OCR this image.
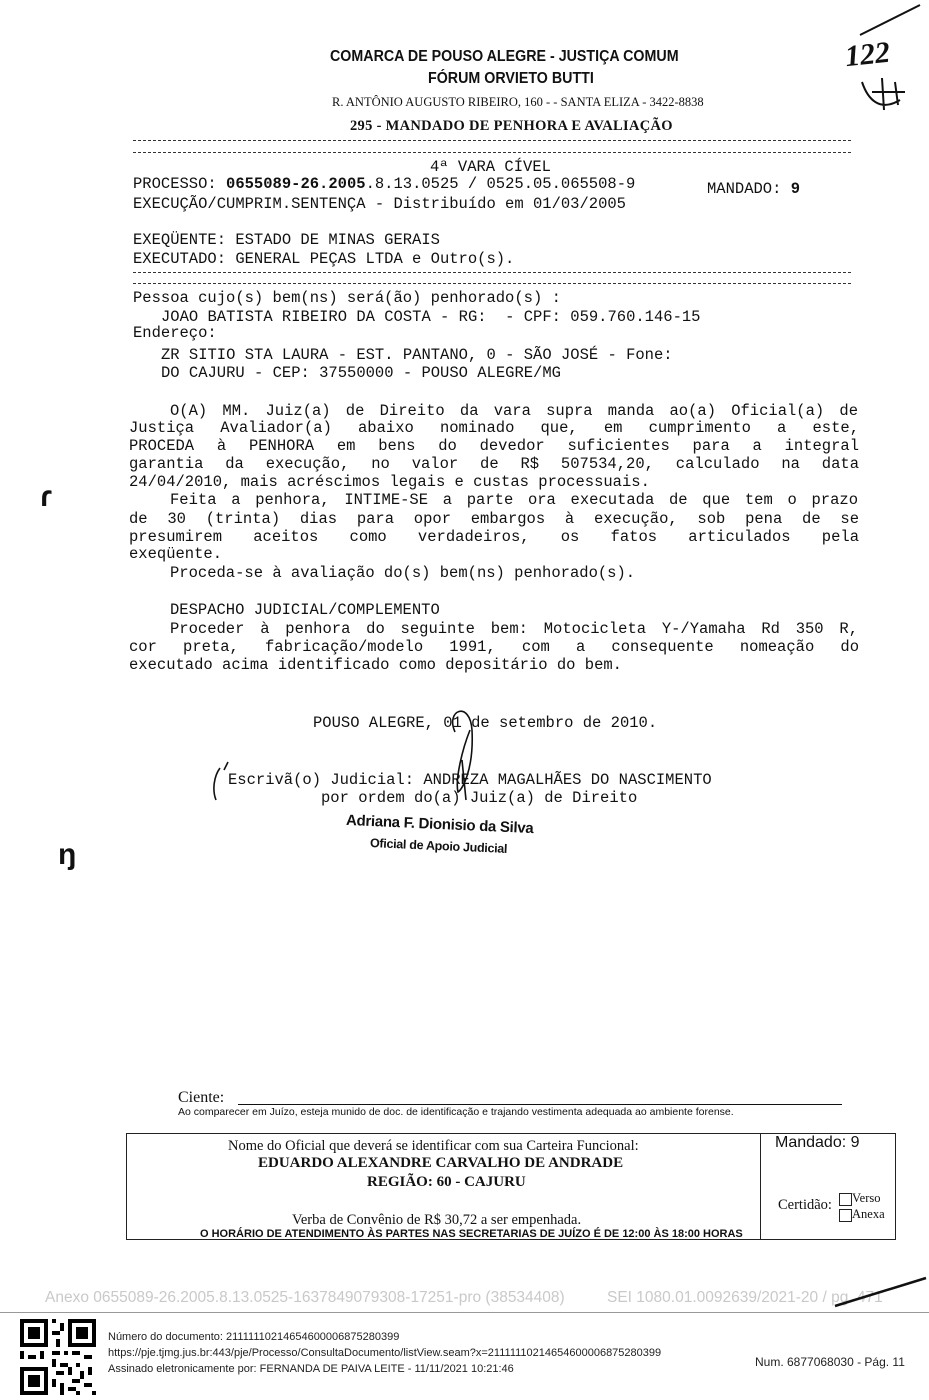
COMARCA DE POUSO ALEGRE - JUSTIÇA COMUM
FÓRUM ORVIETO BUTTI
R. ANTÔNIO AUGUSTO RIBEIRO, 160 - - SANTA ELIZA - 3422-8838
295 - MANDADO DE PENHORA E AVALIAÇÃO
122
4ª VARA CÍVEL
PROCESSO: 0655089-26.2005.8.13.0525 / 0525.05.065508-9	MANDADO: 9
EXECUÇÃO/CUMPRIM.SENTENÇA - Distribuído em 01/03/2005
EXEQÜENTE: ESTADO DE MINAS GERAIS
EXECUTADO: GENERAL PEÇAS LTDA e Outro(s).
Pessoa cujo(s) bem(ns) será(ão) penhorado(s) :
JOAO BATISTA RIBEIRO DA COSTA - RG:  - CPF: 059.760.146-15
Endereço:
ZR SITIO STA LAURA - EST. PANTANO, 0 - SÃO JOSÉ - Fone:
DO CAJURU - CEP: 37550000 - POUSO ALEGRE/MG
O(A) MM. Juiz(a) de Direito da vara supra manda ao(a) Oficial(a) de
Justiça Avaliador(a) abaixo nominado que, em cumprimento a este,
PROCEDA à PENHORA em bens do devedor suficientes para a integral
garantia da execução, no valor de R$ 507534,20, calculado na data
24/04/2010, mais acréscimos legais e custas processuais.
Feita a penhora, INTIME-SE a parte ora executada de que tem o prazo
de 30 (trinta) dias para opor embargos à execução, sob pena de se
presumirem aceitos como verdadeiros, os fatos articulados pela
exeqüente.
Proceda-se à avaliação do(s) bem(ns) penhorado(s).
DESPACHO JUDICIAL/COMPLEMENTO
Proceder à penhora do seguinte bem: Motocicleta Y-/Yamaha Rd 350 R,
cor preta, fabricação/modelo 1991, com a consequente nomeação do
executado acima identificado como depositário do bem.
POUSO ALEGRE, 01 de setembro de 2010.
Escrivã(o) Judicial: ANDREZA MAGALHÃES DO NASCIMENTO
por ordem do(a) Juiz(a) de Direito
Adriana F. Dionisio da Silva
Oficial de Apoio Judicial
ɾ
ŋ
Ciente:
Ao comparecer em Juízo, esteja munido de doc. de identificação e trajando vestimenta adequada ao ambiente forense.
Nome do Oficial que deverá se identificar com sua Carteira Funcional:
EDUARDO ALEXANDRE CARVALHO DE ANDRADE
REGIÃO: 60 - CAJURU
Verba de Convênio de R$ 30,72 a ser empenhada.
Mandado: 9
Certidão:	Verso
Anexa
O HORÁRIO DE ATENDIMENTO ÀS PARTES NAS SECRETARIAS DE JUÍZO É DE 12:00 ÀS 18:00 HORAS
Anexo 0655089-26.2005.8.13.0525-1637849079308-17251-pro (38534408)	SEI 1080.01.0092639/2021-20 / pg. 471
Número do documento: 21111110214654600006875280399
https://pje.tjmg.jus.br:443/pje/Processo/ConsultaDocumento/listView.seam?x=21111110214654600006875280399
Assinado eletronicamente por: FERNANDA DE PAIVA LEITE - 11/11/2021 10:21:46	Num. 6877068030 - Pág. 11
